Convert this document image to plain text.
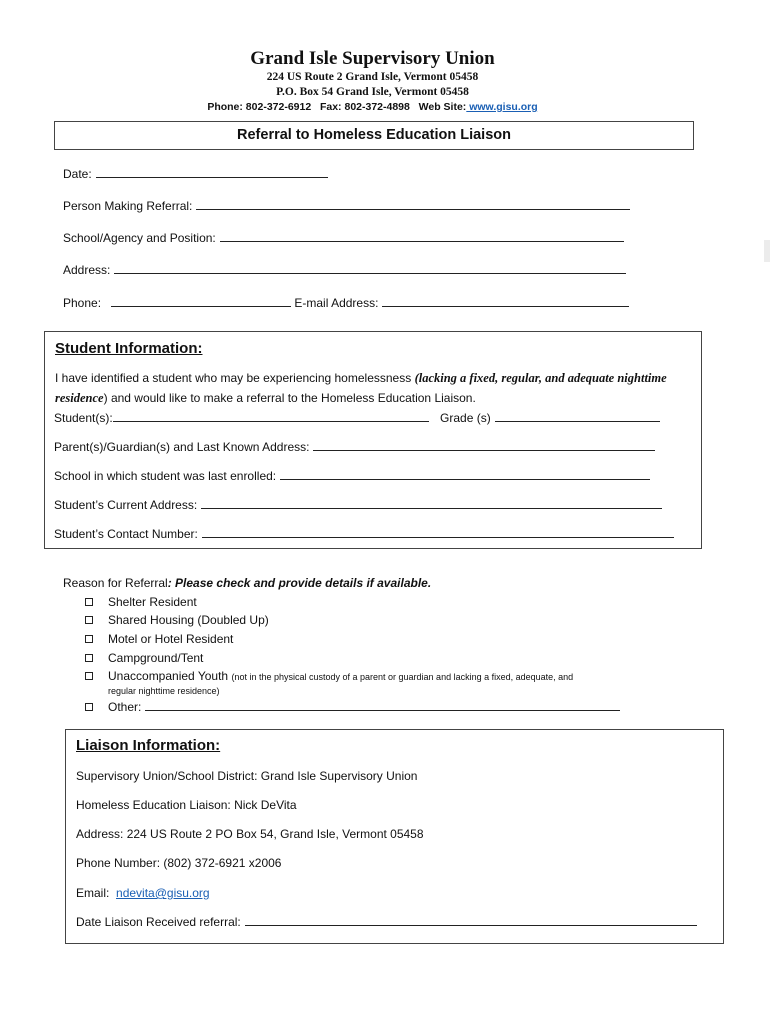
Grand Isle Supervisory Union
224 US Route 2 Grand Isle, Vermont 05458
P.O. Box 54 Grand Isle, Vermont 05458
Phone: 802-372-6912 Fax: 802-372-4898 Web Site: www.gisu.org
Referral to Homeless Education Liaison
Date:
Person Making Referral:
School/Agency and Position:
Address:
Phone:	E-mail Address:
Student Information:
I have identified a student who may be experiencing homelessness (lacking a fixed, regular, and adequate nighttime residence) and would like to make a referral to the Homeless Education Liaison.
Student(s):	Grade (s)
Parent(s)/Guardian(s) and Last Known Address:
School in which student was last enrolled:
Student’s Current Address:
Student’s Contact Number:
Reason for Referral: Please check and provide details if available.
Shelter Resident
Shared Housing (Doubled Up)
Motel or Hotel Resident
Campground/Tent
Unaccompanied Youth (not in the physical custody of a parent or guardian and lacking a fixed, adequate, and
regular nighttime residence)
Other:
Liaison Information:
Supervisory Union/School District: Grand Isle Supervisory Union
Homeless Education Liaison: Nick DeVita
Address: 224 US Route 2 PO Box 54, Grand Isle, Vermont 05458
Phone Number: (802) 372-6921 x2006
Email: ndevita@gisu.org
Date Liaison Received referral:
